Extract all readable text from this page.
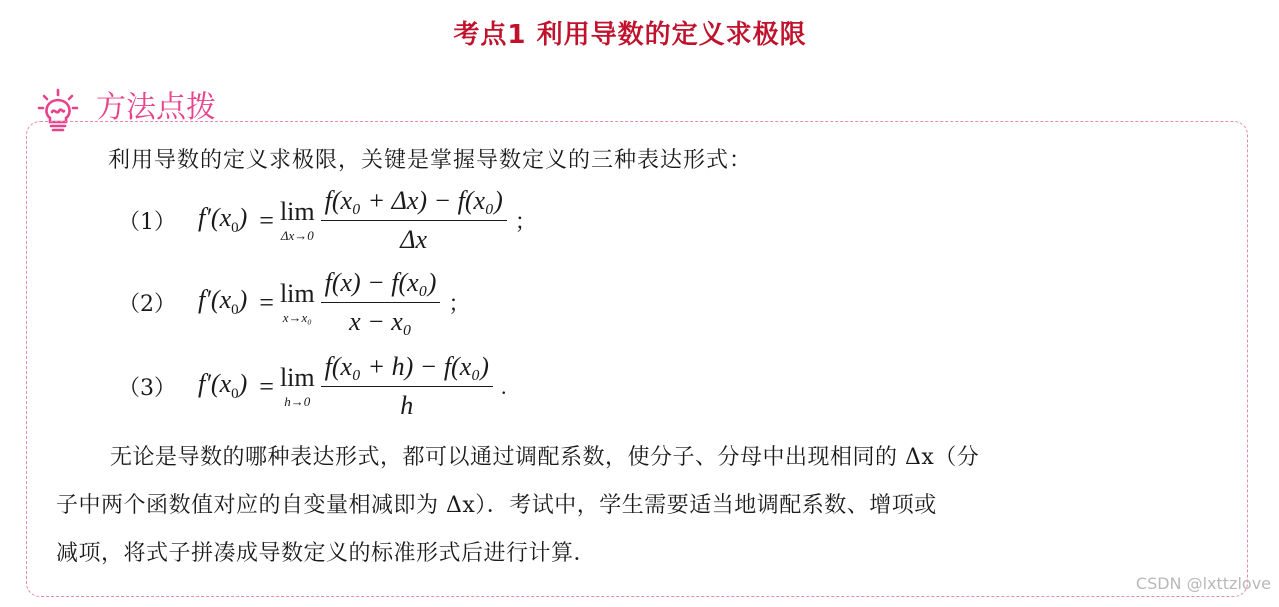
考点1 利用导数的定义求极限
方法点拨
利用导数的定义求极限，关键是掌握导数定义的三种表达形式：
（1） $f'(x_0) = \lim$
$\Delta x\to 0 \frac{\text{f(x₀ + Δx) − f(x₀)}}{\Delta x}$ ；
（2） $f'(x_0) = \lim$
$x\to x_0 \frac{\text{f(x) − f(x₀)}}{\text{x − x₀}}$ ；
（3） $f'(x_0) = \lim$
$h\to 0 \frac{\text{f(x₀ + h) − f(x₀)}}{h}$ .
无论是导数的哪种表达形式，都可以通过调配系数，使分子、分母中出现相同的 Δx（分
子中两个函数值对应的自变量相减即为 Δx）．考试中，学生需要适当地调配系数、增项或
减项，将式子拼凑成导数定义的标准形式后进行计算．
CSDN @lxttzlove
